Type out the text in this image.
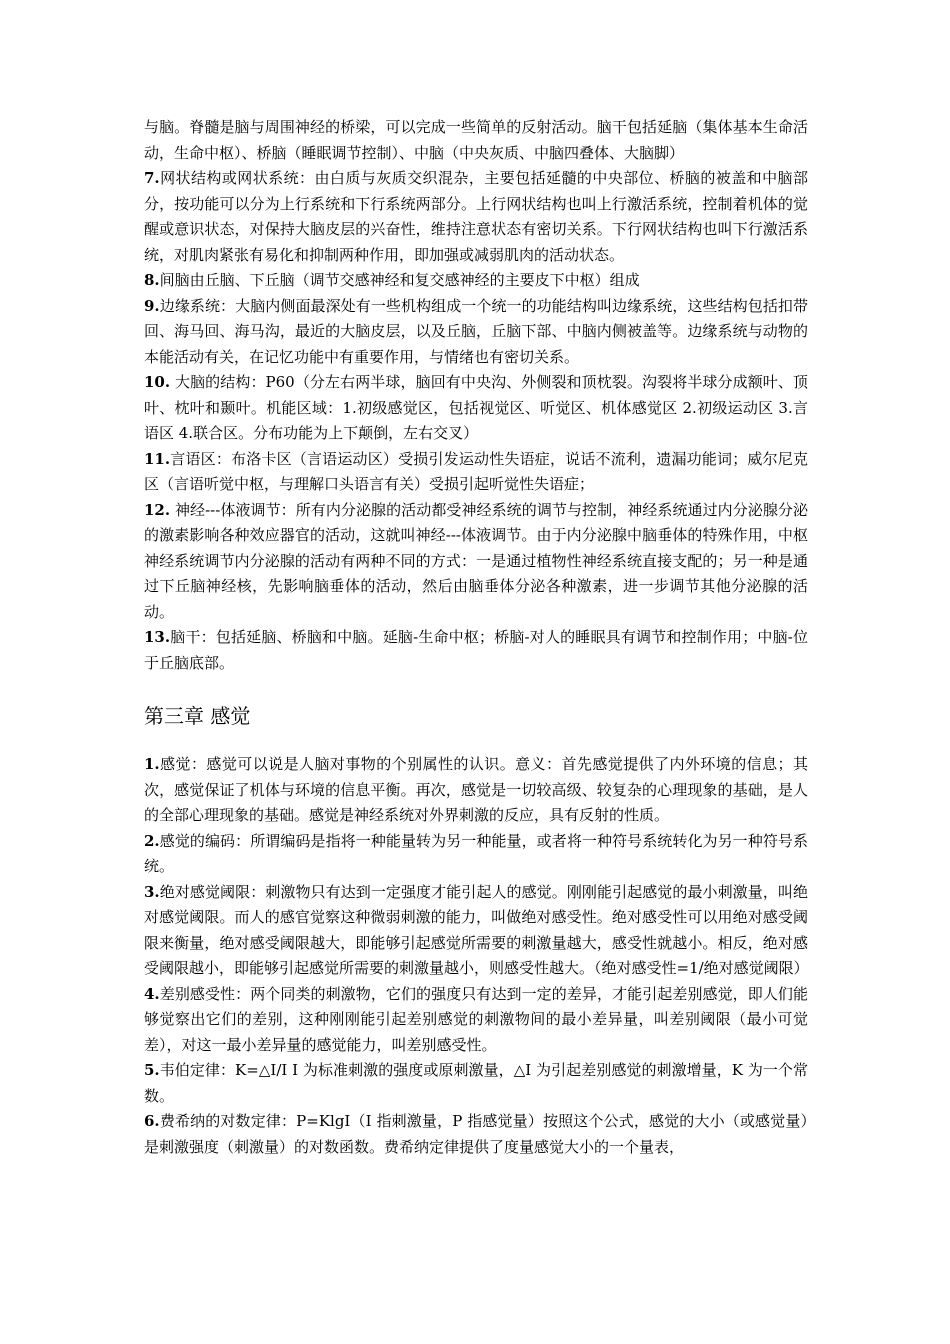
与脑。脊髓是脑与周围神经的桥梁，可以完成一些简单的反射活动。脑干包括延脑（集体基本生命活动，生命中枢）、桥脑（睡眠调节控制）、中脑（中央灰质、中脑四叠体、大脑脚）

7.网状结构或网状系统：由白质与灰质交织混杂，主要包括延髓的中央部位、桥脑的被盖和中脑部分，按功能可以分为上行系统和下行系统两部分。上行网状结构也叫上行激活系统，控制着机体的觉醒或意识状态，对保持大脑皮层的兴奋性，维持注意状态有密切关系。下行网状结构也叫下行激活系统，对肌肉紧张有易化和抑制两种作用，即加强或减弱肌肉的活动状态。

8.间脑由丘脑、下丘脑（调节交感神经和复交感神经的主要皮下中枢）组成

9.边缘系统：大脑内侧面最深处有一些机构组成一个统一的功能结构叫边缘系统，这些结构包括扣带回、海马回、海马沟，最近的大脑皮层，以及丘脑，丘脑下部、中脑内侧被盖等。边缘系统与动物的本能活动有关，在记忆功能中有重要作用，与情绪也有密切关系。

10. 大脑的结构：P60（分左右两半球，脑回有中央沟、外侧裂和顶枕裂。沟裂将半球分成额叶、顶叶、枕叶和颞叶。机能区域：1.初级感觉区，包括视觉区、听觉区、机体感觉区 2.初级运动区 3.言语区 4.联合区。分布功能为上下颠倒，左右交叉）

11.言语区：布洛卡区（言语运动区）受损引发运动性失语症，说话不流利，遗漏功能词；威尔尼克区（言语听觉中枢，与理解口头语言有关）受损引起听觉性失语症；

12. 神经---体液调节：所有内分泌腺的活动都受神经系统的调节与控制，神经系统通过内分泌腺分泌的激素影响各种效应器官的活动，这就叫神经---体液调节。由于内分泌腺中脑垂体的特殊作用，中枢神经系统调节内分泌腺的活动有两种不同的方式：一是通过植物性神经系统直接支配的；另一种是通过下丘脑神经核，先影响脑垂体的活动，然后由脑垂体分泌各种激素，进一步调节其他分泌腺的活动。

13.脑干：包括延脑、桥脑和中脑。延脑-生命中枢；桥脑-对人的睡眠具有调节和控制作用；中脑-位于丘脑底部。

第三章 感觉

1.感觉：感觉可以说是人脑对事物的个别属性的认识。意义：首先感觉提供了内外环境的信息；其次，感觉保证了机体与环境的信息平衡。再次，感觉是一切较高级、较复杂的心理现象的基础，是人的全部心理现象的基础。感觉是神经系统对外界刺激的反应，具有反射的性质。

2.感觉的编码：所谓编码是指将一种能量转为另一种能量，或者将一种符号系统转化为另一种符号系统。

3.绝对感觉阈限：刺激物只有达到一定强度才能引起人的感觉。刚刚能引起感觉的最小刺激量，叫绝对感觉阈限。而人的感官觉察这种微弱刺激的能力，叫做绝对感受性。绝对感受性可以用绝对感受阈限来衡量，绝对感受阈限越大，即能够引起感觉所需要的刺激量越大，感受性就越小。相反，绝对感受阈限越小，即能够引起感觉所需要的刺激量越小，则感受性越大。（绝对感受性=1/绝对感觉阈限）

4.差别感受性：两个同类的刺激物，它们的强度只有达到一定的差异，才能引起差别感觉，即人们能够觉察出它们的差别，这种刚刚能引起差别感觉的刺激物间的最小差异量，叫差别阈限（最小可觉差），对这一最小差异量的感觉能力，叫差别感受性。

5.韦伯定律：K=△I/I I 为标准刺激的强度或原刺激量，△I 为引起差别感觉的刺激增量，K 为一个常数。

6.费希纳的对数定律：P=KlgI（I 指刺激量，P 指感觉量）按照这个公式，感觉的大小（或感觉量）是刺激强度（刺激量）的对数函数。费希纳定律提供了度量感觉大小的一个量表，
